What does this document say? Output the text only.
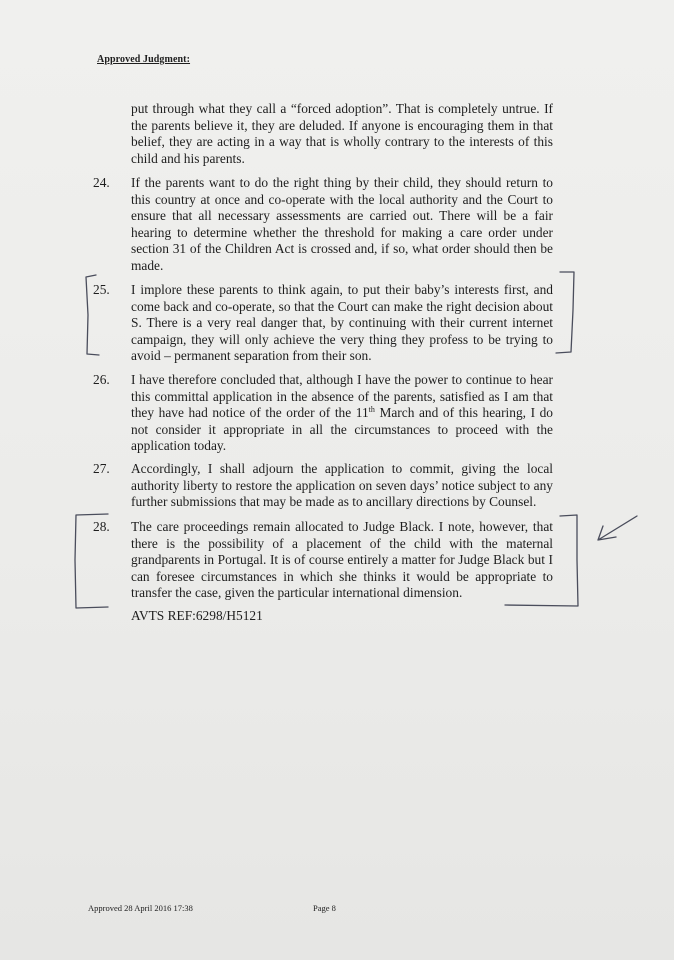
Approved Judgment:
put through what they call a “forced adoption”. That is completely untrue. If the parents believe it, they are deluded. If anyone is encouraging them in that belief, they are acting in a way that is wholly contrary to the interests of this child and his parents.
24.	If the parents want to do the right thing by their child, they should return to this country at once and co-operate with the local authority and the Court to ensure that all necessary assessments are carried out. There will be a fair hearing to determine whether the threshold for making a care order under section 31 of the Children Act is crossed and, if so, what order should then be made.
25.	I implore these parents to think again, to put their baby’s interests first, and come back and co-operate, so that the Court can make the right decision about S. There is a very real danger that, by continuing with their current internet campaign, they will only achieve the very thing they profess to be trying to avoid – permanent separation from their son.
26.	I have therefore concluded that, although I have the power to continue to hear this committal application in the absence of the parents, satisfied as I am that they have had notice of the order of the 11th March and of this hearing, I do not consider it appropriate in all the circumstances to proceed with the application today.
27.	Accordingly, I shall adjourn the application to commit, giving the local authority liberty to restore the application on seven days’ notice subject to any further submissions that may be made as to ancillary directions by Counsel.
28.	The care proceedings remain allocated to Judge Black. I note, however, that there is the possibility of a placement of the child with the maternal grandparents in Portugal. It is of course entirely a matter for Judge Black but I can foresee circumstances in which she thinks it would be appropriate to transfer the case, given the particular international dimension.
AVTS REF:6298/H5121
Approved 28 April 2016 17:38	Page 8
